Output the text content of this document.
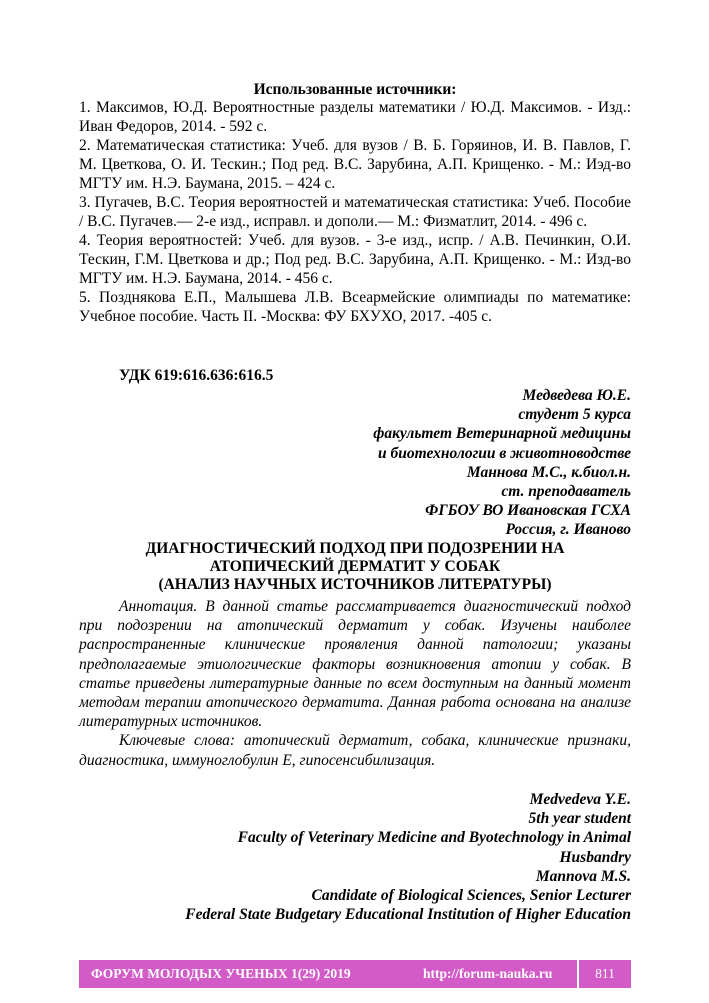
Использованные источники:
1. Максимов, Ю.Д. Вероятностные разделы математики / Ю.Д. Максимов. - Изд.: Иван Федоров, 2014. - 592 с.
2. Математическая статистика: Учеб. для вузов / В. Б. Горяинов, И. В. Павлов, Г. М. Цветкова, О. И. Тескин.; Под ред. B.C. Зарубина, А.П. Крищенко. - М.: Иэд-во МГТУ им. Н.Э. Баумана, 2015. – 424 с.
3. Пугачев, B.C. Теория вероятностей и математическая статистика: Учеб. Пособие / B.C. Пугачев.— 2-е изд., исправл. и дополи.— М.: Физматлит, 2014. - 496 с.
4. Теория вероятностей: Учеб. для вузов. - 3-е изд., испр. / А.В. Печинкин, О.И. Тескин, Г.М. Цветкова и др.; Под ред. B.C. Зарубина, А.П. Крищенко. - М.: Изд-во МГТУ им. Н.Э. Баумана, 2014. - 456 с.
5. Позднякова Е.П., Малышева Л.В. Всеармейские олимпиады по математике: Учебное пособие. Часть II. -Москва: ФУ БХУХО, 2017. -405 с.
УДК 619:616.636:616.5
Медведева Ю.Е.
студент 5 курса
факультет Ветеринарной медицины
и биотехнологии в животноводстве
Маннова М.С., к.биол.н.
ст. преподаватель
ФГБОУ ВО Ивановская ГСХА
Россия, г. Иваново
ДИАГНОСТИЧЕСКИЙ ПОДХОД ПРИ ПОДОЗРЕНИИ НА
АТОПИЧЕСКИЙ ДЕРМАТИТ У СОБАК
(АНАЛИЗ НАУЧНЫХ ИСТОЧНИКОВ ЛИТЕРАТУРЫ)

Аннотация. В данной статье рассматривается диагностический подход при подозрении на атопический дерматит у собак. Изучены наиболее распространенные клинические проявления данной патологии; указаны предполагаемые этиологические факторы возникновения атопии у собак. В статье приведены литературные данные по всем доступным на данный момент методам терапии атопического дерматита. Данная работа основана на анализе литературных источников.

Ключевые слова: атопический дерматит, собака, клинические признаки, диагностика, иммуноглобулин Е, гипосенсибилизация.

Medvedeva Y.E.
5th year student
Faculty of Veterinary Medicine and Byotechnology in Animal
Husbandry
Mannova M.S.
Candidate of Biological Sciences, Senior Lecturer
Federal State Budgetary Educational Institution of Higher Education
ФОРУМ МОЛОДЫХ УЧЕНЫХ 1(29) 2019	http://forum-nauka.ru	811
